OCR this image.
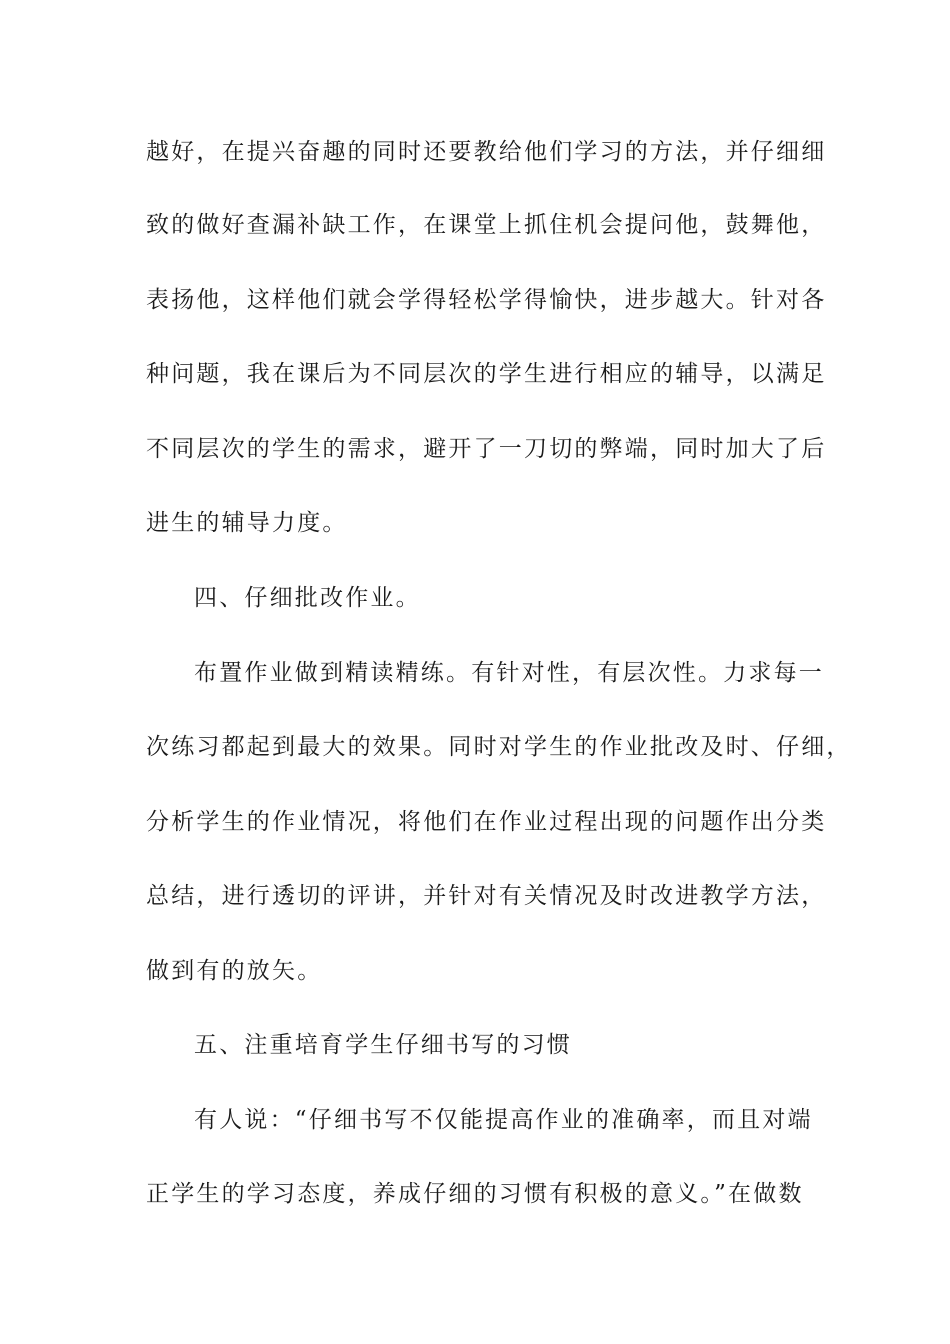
越好，在提兴奋趣的同时还要教给他们学习的方法，并仔细细
致的做好查漏补缺工作，在课堂上抓住机会提问他，鼓舞他，
表扬他，这样他们就会学得轻松学得愉快，进步越大。针对各
种问题，我在课后为不同层次的学生进行相应的辅导，以满足
不同层次的学生的需求，避开了一刀切的弊端，同时加大了后
进生的辅导力度。
四、仔细批改作业。
布置作业做到精读精练。有针对性，有层次性。力求每一
次练习都起到最大的效果。同时对学生的作业批改及时、仔细，
分析学生的作业情况，将他们在作业过程出现的问题作出分类
总结，进行透切的评讲，并针对有关情况及时改进教学方法，
做到有的放矢。
五、注重培育学生仔细书写的习惯
有人说：“仔细书写不仅能提高作业的准确率，而且对端
正学生的学习态度，养成仔细的习惯有积极的意义。”在做数
